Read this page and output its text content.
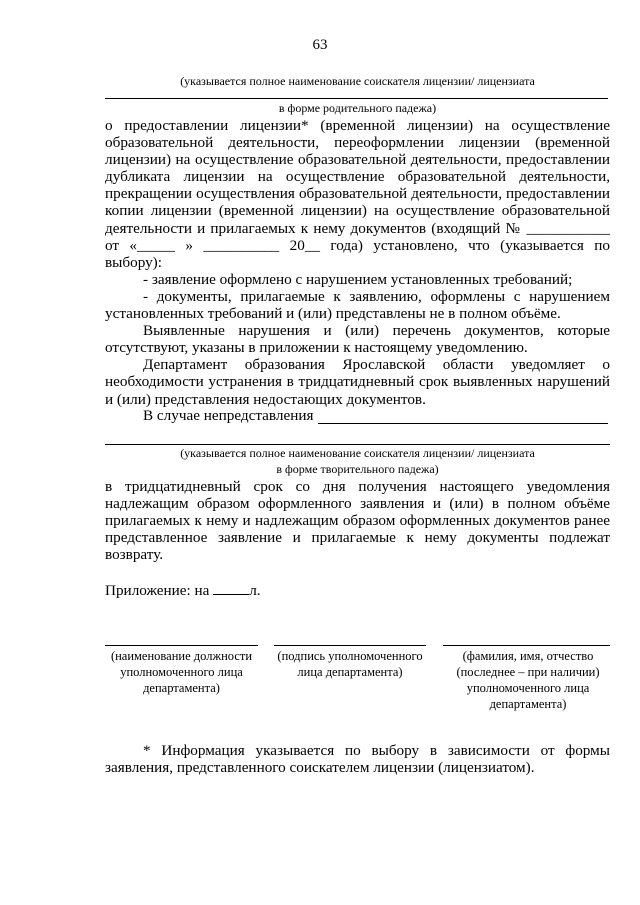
63
(указывается полное наименование соискателя лицензии/ лицензиата
в форме родительного падежа)

о предоставлении лицензии* (временной лицензии) на осуществление образовательной деятельности, переоформлении лицензии (временной лицензии) на осуществление образовательной деятельности, предоставлении дубликата лицензии на осуществление образовательной деятельности, прекращении осуществления образовательной деятельности, предоставлении копии лицензии (временной лицензии) на осуществление образовательной деятельности и прилагаемых к нему документов (входящий № ___________ от «_____ » __________ 20__ года) установлено, что (указывается по выбору):

- заявление оформлено с нарушением установленных требований;

- документы, прилагаемые к заявлению, оформлены с нарушением установленных требований и (или) представлены не в полном объёме.

Выявленные нарушения и (или) перечень документов, которые отсутствуют, указаны в приложении к настоящему уведомлению.

Департамент образования Ярославской области уведомляет о необходимости устранения в тридцатидневный срок выявленных нарушений и (или) представления недостающих документов.

В случае непредставления
(указывается полное наименование соискателя лицензии/ лицензиата
в форме творительного падежа)
в тридцатидневный срок со дня получения настоящего уведомления надлежащим образом оформленного заявления и (или) в полном объёме прилагаемых к нему и надлежащим образом оформленных документов ранее представленное заявление и прилагаемые к нему документы подлежат возврату.
Приложение: на	л.
(наименование должности уполномоченного лица департамента)
(подпись уполномоченного лица департамента)
(фамилия, имя, отчество (последнее – при наличии) уполномоченного лица департамента)

* Информация указывается по выбору в зависимости от формы заявления, представленного соискателем лицензии (лицензиатом).
